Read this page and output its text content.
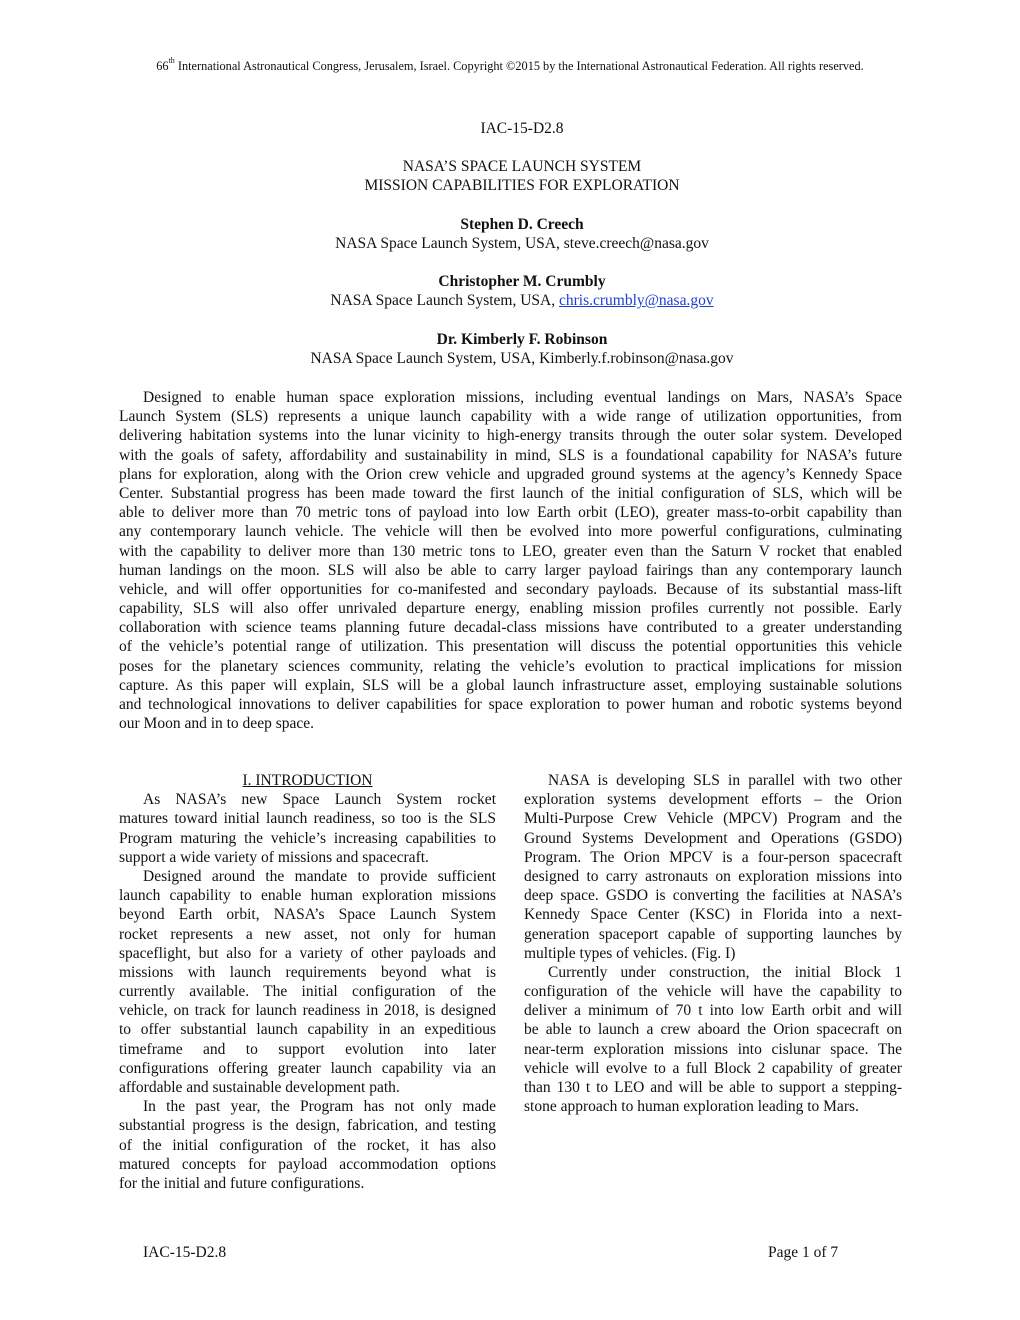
66th International Astronautical Congress, Jerusalem, Israel. Copyright ©2015 by the International Astronautical Federation. All rights reserved.
IAC-15-D2.8
NASA’S SPACE LAUNCH SYSTEM
MISSION CAPABILITIES FOR EXPLORATION
Stephen D. Creech
NASA Space Launch System, USA, steve.creech@nasa.gov
Christopher M. Crumbly
NASA Space Launch System, USA, chris.crumbly@nasa.gov
Dr. Kimberly F. Robinson
NASA Space Launch System, USA, Kimberly.f.robinson@nasa.gov
Designed to enable human space exploration missions, including eventual landings on Mars, NASA’s Space
Launch System (SLS) represents a unique launch capability with a wide range of utilization opportunities, from
delivering habitation systems into the lunar vicinity to high-energy transits through the outer solar system. Developed
with the goals of safety, affordability and sustainability in mind, SLS is a foundational capability for NASA’s future
plans for exploration, along with the Orion crew vehicle and upgraded ground systems at the agency’s Kennedy Space
Center. Substantial progress has been made toward the first launch of the initial configuration of SLS, which will be
able to deliver more than 70 metric tons of payload into low Earth orbit (LEO), greater mass-to-orbit capability than
any contemporary launch vehicle. The vehicle will then be evolved into more powerful configurations, culminating
with the capability to deliver more than 130 metric tons to LEO, greater even than the Saturn V rocket that enabled
human landings on the moon. SLS will also be able to carry larger payload fairings than any contemporary launch
vehicle, and will offer opportunities for co-manifested and secondary payloads. Because of its substantial mass-lift
capability, SLS will also offer unrivaled departure energy, enabling mission profiles currently not possible. Early
collaboration with science teams planning future decadal-class missions have contributed to a greater understanding
of the vehicle’s potential range of utilization. This presentation will discuss the potential opportunities this vehicle
poses for the planetary sciences community, relating the vehicle’s evolution to practical implications for mission
capture. As this paper will explain, SLS will be a global launch infrastructure asset, employing sustainable solutions
and technological innovations to deliver capabilities for space exploration to power human and robotic systems beyond
our Moon and in to deep space.
I. INTRODUCTION
As NASA’s new Space Launch System rocket
matures toward initial launch readiness, so too is the SLS
Program maturing the vehicle’s increasing capabilities to
support a wide variety of missions and spacecraft.
Designed around the mandate to provide sufficient
launch capability to enable human exploration missions
beyond Earth orbit, NASA’s Space Launch System
rocket represents a new asset, not only for human
spaceflight, but also for a variety of other payloads and
missions with launch requirements beyond what is
currently available. The initial configuration of the
vehicle, on track for launch readiness in 2018, is designed
to offer substantial launch capability in an expeditious
timeframe and to support evolution into later
configurations offering greater launch capability via an
affordable and sustainable development path.
In the past year, the Program has not only made
substantial progress is the design, fabrication, and testing
of the initial configuration of the rocket, it has also
matured concepts for payload accommodation options
for the initial and future configurations.
NASA is developing SLS in parallel with two other
exploration systems development efforts – the Orion
Multi-Purpose Crew Vehicle (MPCV) Program and the
Ground Systems Development and Operations (GSDO)
Program. The Orion MPCV is a four-person spacecraft
designed to carry astronauts on exploration missions into
deep space. GSDO is converting the facilities at NASA’s
Kennedy Space Center (KSC) in Florida into a next-
generation spaceport capable of supporting launches by
multiple types of vehicles. (Fig. I)
Currently under construction, the initial Block 1
configuration of the vehicle will have the capability to
deliver a minimum of 70 t into low Earth orbit and will
be able to launch a crew aboard the Orion spacecraft on
near-term exploration missions into cislunar space. The
vehicle will evolve to a full Block 2 capability of greater
than 130 t to LEO and will be able to support a stepping-
stone approach to human exploration leading to Mars.
IAC-15-D2.8	Page 1 of 7
